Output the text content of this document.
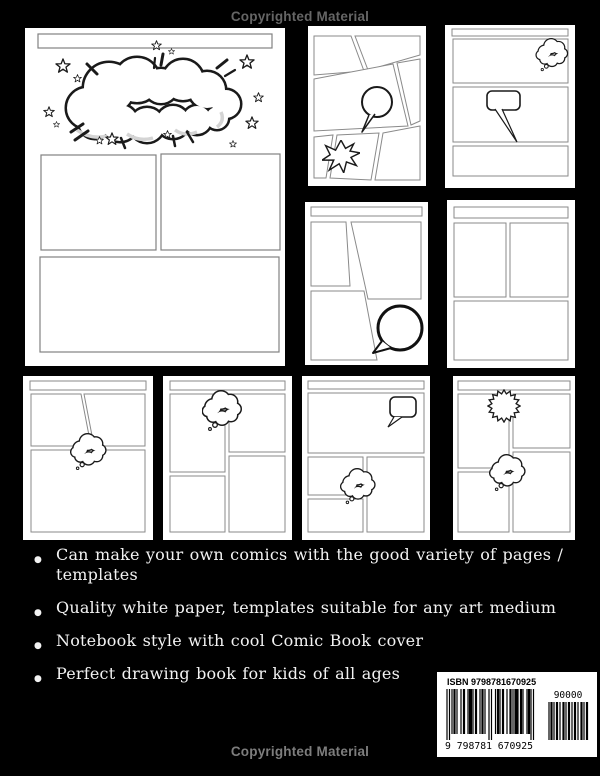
Copyrighted Material
● Can make your own comics with the good variety of pages / templates
● Quality white paper, templates suitable for any art medium
● Notebook style with cool Comic Book cover
● Perfect drawing book for kids of all ages	ISBN 9798781670925
9 798781 670925
90000
Copyrighted Material
